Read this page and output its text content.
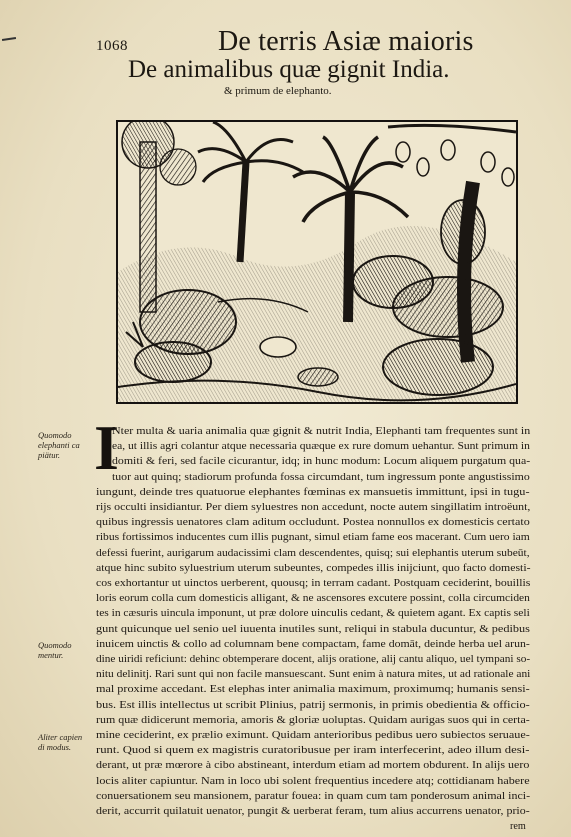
1068	De terris Asiæ maioris
De animalibus quæ gignit India.
& primum de elephanto.
Quomodo
elephanti ca
piätur.
Quomodo
mentur.
Aliter capien
di modus.
I
Nter multa & uaria animalia quæ gignit & nutrit India, Elephanti tam frequentes sunt in
ea, ut illis agri colantur atque necessaria quæque ex rure domum uehantur. Sunt primum in
domiti & feri, sed facile cicurantur, idq; in hunc modum: Locum aliquem purgatum qua-
tuor aut quinq; stadiorum profunda fossa circumdant, tum ingressum ponte angustissimo
iungunt, deinde tres quatuorue elephantes fœminas ex mansuetis immittunt, ipsi in tugu-
rijs occulti insidiantur. Per diem syluestres non accedunt, nocte autem singillatim introëunt,
quibus ingressis uenatores clam aditum occludunt. Postea nonnullos ex domesticis certato
ribus fortissimos inducentes cum illis pugnant, simul etiam fame eos macerant. Cum uero iam
defessi fuerint, aurigarum audacissimi clam descendentes, quisq; sui elephantis uterum subeūt,
atque hinc subito syluestrium uterum subeuntes, compedes illis inijciunt, quo facto domesti-
cos exhortantur ut uinctos uerberent, quousq; in terram cadant. Postquam ceciderint, bouillis
loris eorum colla cum domesticis alligant, & ne ascensores excutere possint, colla circumciden
tes in cæsuris uincula imponunt, ut præ dolore uinculis cedant, & quietem agant. Ex captis seli
gunt quicunque uel senio uel iuuenta inutiles sunt, reliqui in stabula ducuntur, & pedibus
inuicem uinctis & collo ad columnam bene compactam, fame domāt, deinde herba uel arun-
dine uiridi reficiunt: dehinc obtemperare docent, alijs oratione, alij cantu aliquo, uel tympani so-
nitu delinitj. Rari sunt qui non facile mansuescant. Sunt enim à natura mites, ut ad rationale ani
mal proxime accedant. Est elephas inter animalia maximum, proximumq; humanis sensi-
bus. Est illis intellectus ut scribit Plinius, patrij sermonis, in primis obedientia & officio-
rum quæ didicerunt memoria, amoris & gloriæ uoluptas. Quidam aurigas suos qui in certa-
mine ceciderint, ex prælio eximunt. Quidam anterioribus pedibus uero subiectos seruaue-
runt. Quod si quem ex magistris curatoribusue per iram interfecerint, adeo illum desi-
derant, ut præ mœrore à cibo abstineant, interdum etiam ad mortem obdurent. In alijs uero
locis aliter capiuntur. Nam in loco ubi solent frequentius incedere atq; cottidianam habere
conuersationem seu mansionem, paratur fouea: in quam cum tam ponderosum animal inci-
derit, accurrit quilatuit uenator, pungit & uerberat feram, tum alius accurrens uenator, prio-
rem
